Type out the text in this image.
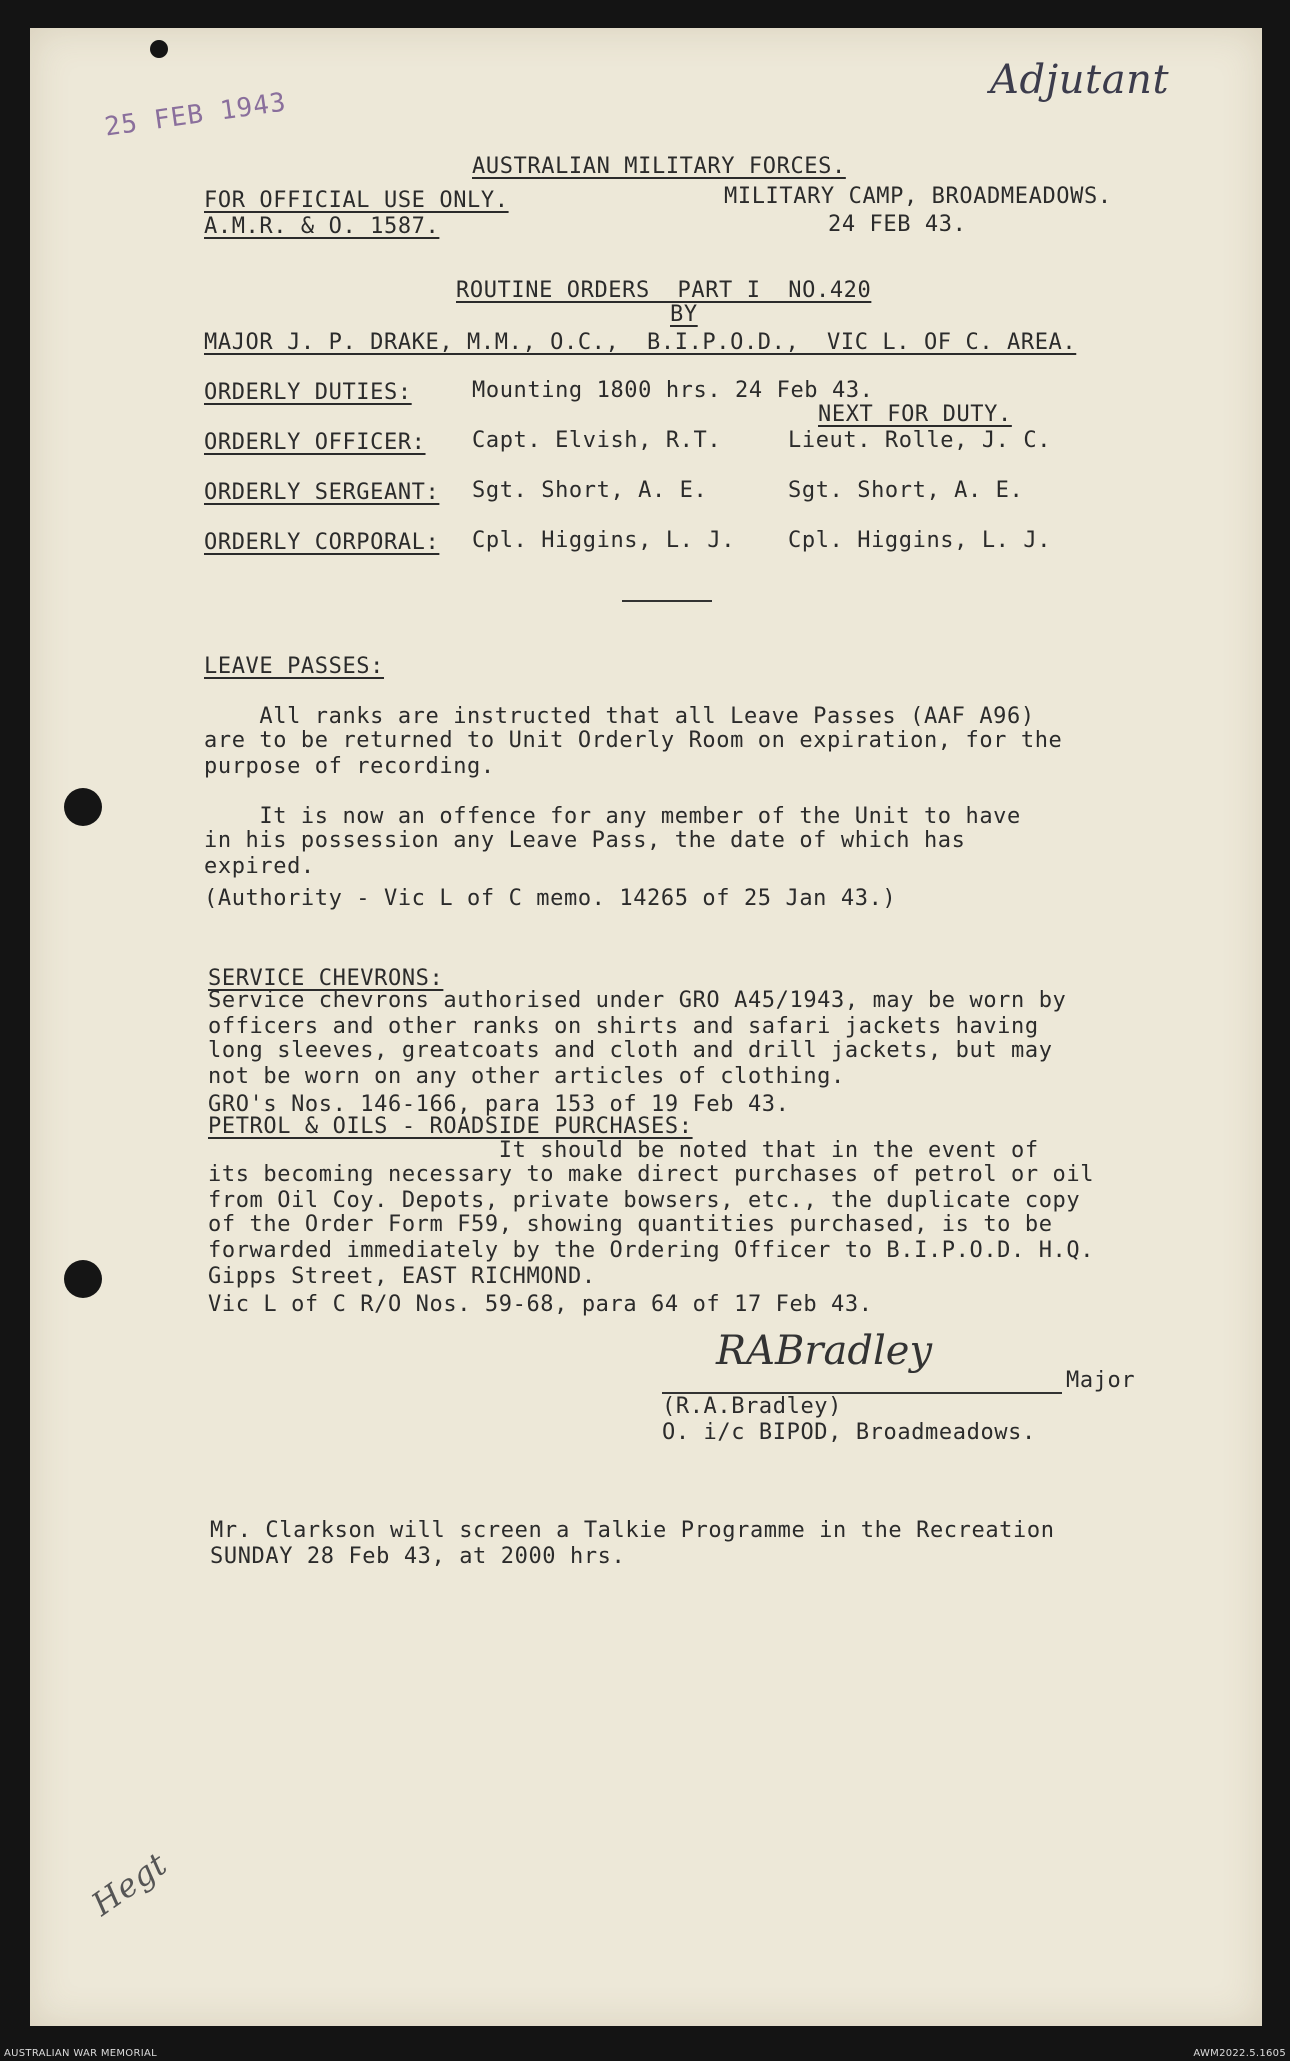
25 FEB 1943
Adjutant
AUSTRALIAN MILITARY FORCES.
FOR OFFICIAL USE ONLY.
A.M.R. & O. 1587.
MILITARY CAMP, BROADMEADOWS.
24 FEB 43.
ROUTINE ORDERS  PART I  NO.420
BY
MAJOR J. P. DRAKE, M.M., O.C.,  B.I.P.O.D.,  VIC L. OF C. AREA.
ORDERLY DUTIES:	Mounting 1800 hrs. 24 Feb 43.
NEXT FOR DUTY.
ORDERLY OFFICER: Capt. Elvish, R.T.	Lieut. Rolle, J. C.
ORDERLY SERGEANT: Sgt. Short, A. E.	Sgt. Short, A. E.
ORDERLY CORPORAL: Cpl. Higgins, L. J. Cpl. Higgins, L. J.
LEAVE PASSES:
All ranks are instructed that all Leave Passes (AAF A96)
are to be returned to Unit Orderly Room on expiration, for the
purpose of recording.
It is now an offence for any member of the Unit to have
in his possession any Leave Pass, the date of which has
expired.
(Authority - Vic L of C memo. 14265 of 25 Jan 43.)
SERVICE CHEVRONS:
Service chevrons authorised under GRO A45/1943, may be worn by
officers and other ranks on shirts and safari jackets having
long sleeves, greatcoats and cloth and drill jackets, but may
not be worn on any other articles of clothing.
GRO's Nos. 146-166, para 153 of 19 Feb 43.
PETROL & OILS - ROADSIDE PURCHASES:
It should be noted that in the event of
its becoming necessary to make direct purchases of petrol or oil
from Oil Coy. Depots, private bowsers, etc., the duplicate copy
of the Order Form F59, showing quantities purchased, is to be
forwarded immediately by the Ordering Officer to B.I.P.O.D. H.Q.
Gipps Street, EAST RICHMOND.
Vic L of C R/O Nos. 59-68, para 64 of 17 Feb 43.
RABradley
Major
(R.A.Bradley)
O. i/c BIPOD, Broadmeadows.
Mr. Clarkson will screen a Talkie Programme in the Recreation
SUNDAY 28 Feb 43, at 2000 hrs.
Hegt
AUSTRALIAN WAR MEMORIAL	AWM2022.5.1605
